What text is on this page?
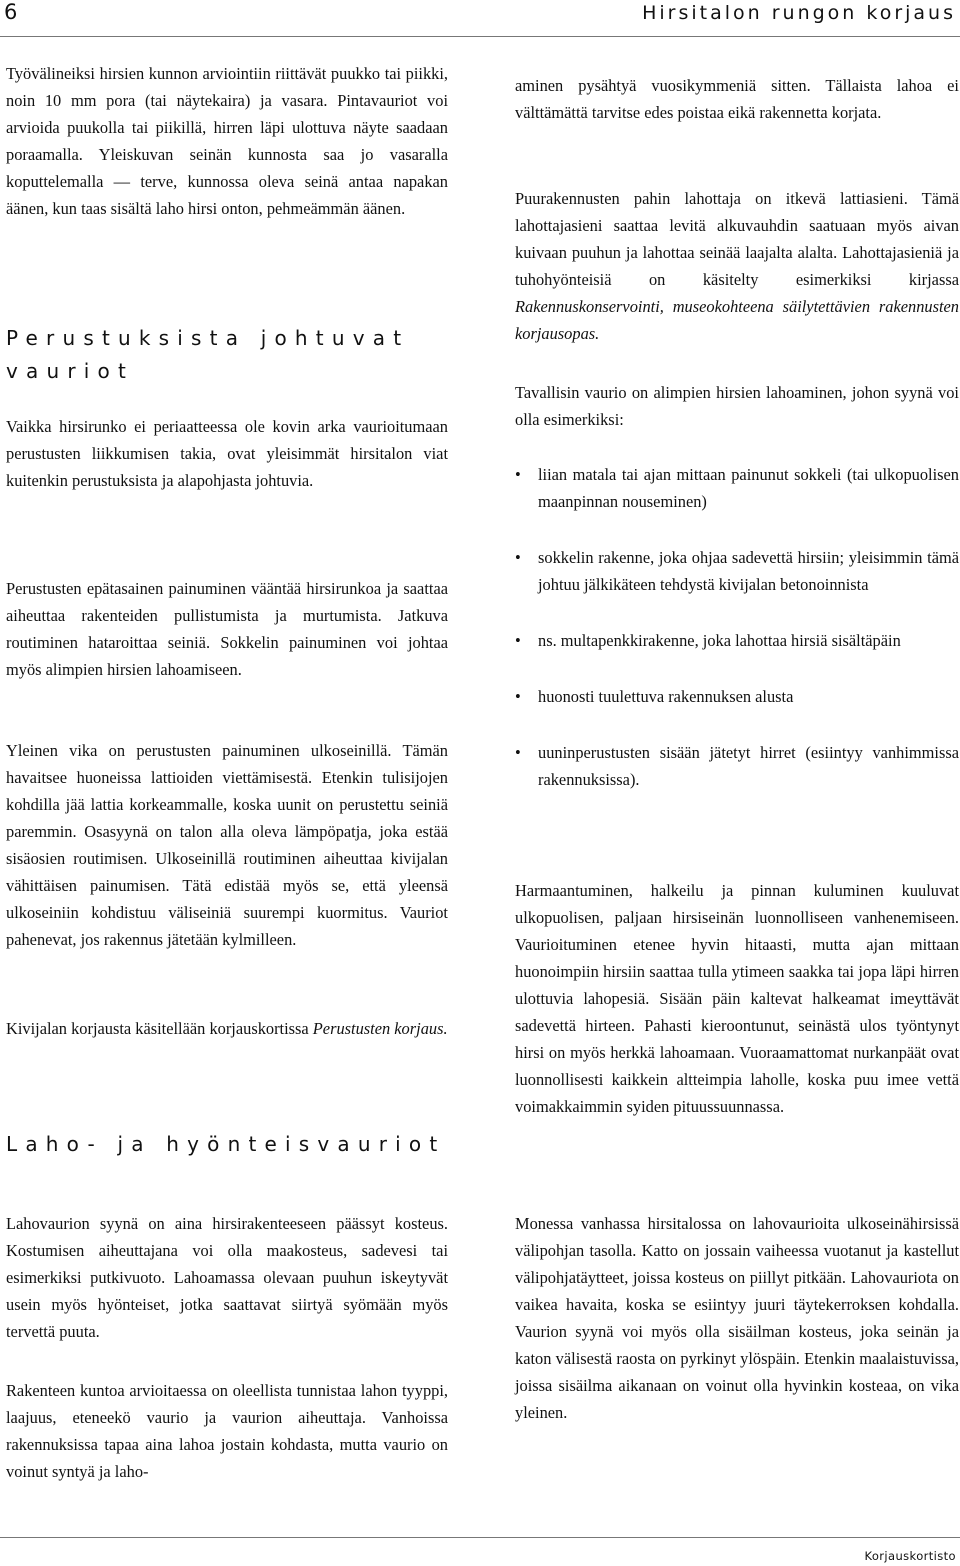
6	Hirsitalon rungon korjaus

Työvälineiksi hirsien kunnon arviointiin riittävät puukko tai piikki, noin 10 mm pora (tai näytekaira) ja vasara. Pintavauriot voi arvioida puukolla tai piikillä, hirren läpi ulottuva näyte saadaan poraamalla. Yleiskuvan seinän kunnosta saa jo vasaralla koputtelemalla — terve, kunnossa oleva seinä antaa napakan äänen, kun taas sisältä laho hirsi onton, pehmeämmän äänen.

Perustuksista johtuvat
vauriot

Vaikka hirsirunko ei periaatteessa ole kovin arka vaurioitumaan perustusten liikkumisen takia, ovat yleisimmät hirsitalon viat kuitenkin perustuksista ja alapohjasta johtuvia.

Perustusten epätasainen painuminen vääntää hirsirunkoa ja saattaa aiheuttaa rakenteiden pullistumista ja murtumista. Jatkuva routiminen hataroittaa seiniä. Sokkelin painuminen voi johtaa myös alimpien hirsien lahoamiseen.

Yleinen vika on perustusten painuminen ulkoseinillä. Tämän havaitsee huoneissa lattioiden viettämisestä. Etenkin tulisijojen kohdilla jää lattia korkeammalle, koska uunit on perustettu seiniä paremmin. Osasyynä on talon alla oleva lämpöpatja, joka estää sisäosien routimisen. Ulkoseinillä routiminen aiheuttaa kivijalan vähittäisen painumisen. Tätä edistää myös se, että yleensä ulkoseiniin kohdistuu väliseiniä suurempi kuormitus. Vauriot pahenevat, jos rakennus jätetään kylmilleen.

Kivijalan korjausta käsitellään korjauskortissa Perustusten korjaus.

Laho- ja hyönteisvauriot

Lahovaurion syynä on aina hirsirakenteeseen päässyt kosteus. Kostumisen aiheuttajana voi olla maakosteus, sadevesi tai esimerkiksi putkivuoto. Lahoamassa olevaan puuhun iskeytyvät usein myös hyönteiset, jotka saattavat siirtyä syömään myös tervettä puuta.

Rakenteen kuntoa arvioitaessa on oleellista tunnistaa lahon tyyppi, laajuus, eteneekö vaurio ja vaurion aiheuttaja. Vanhoissa rakennuksissa tapaa aina lahoa jostain kohdasta, mutta vaurio on voinut syntyä ja laho-

aminen pysähtyä vuosikymmeniä sitten. Tällaista lahoa ei välttämättä tarvitse edes poistaa eikä rakennetta korjata.

Puurakennusten pahin lahottaja on itkevä lattiasieni. Tämä lahottajasieni saattaa levitä alkuvauhdin saatuaan myös aivan kuivaan puuhun ja lahottaa seinää laajalta alalta. Lahottajasieniä ja tuhohyönteisiä on käsitelty esimerkiksi kirjassa Rakennuskonservointi, museokohteena säilytettävien rakennusten korjausopas.

Tavallisin vaurio on alimpien hirsien lahoaminen, johon syynä voi olla esimerkiksi:

• liian matala tai ajan mittaan painunut sokkeli (tai ulkopuolisen maanpinnan nouseminen)
• sokkelin rakenne, joka ohjaa sadevettä hirsiin; yleisimmin tämä johtuu jälkikäteen tehdystä kivijalan betonoinnista
• ns. multapenkkirakenne, joka lahottaa hirsiä sisältäpäin
• huonosti tuulettuva rakennuksen alusta
• uuninperustusten sisään jätetyt hirret (esiintyy vanhimmissa rakennuksissa).

Harmaantuminen, halkeilu ja pinnan kuluminen kuuluvat ulkopuolisen, paljaan hirsiseinän luonnolliseen vanhenemiseen. Vaurioituminen etenee hyvin hitaasti, mutta ajan mittaan huonoimpiin hirsiin saattaa tulla ytimeen saakka tai jopa läpi hirren ulottuvia lahopesiä. Sisään päin kaltevat halkeamat imeyttävät sadevettä hirteen. Pahasti kieroontunut, seinästä ulos työntynyt hirsi on myös herkkä lahoamaan. Vuoraamattomat nurkanpäät ovat luonnollisesti kaikkein altteimpia laholle, koska puu imee vettä voimakkaimmin syiden pituussuunnassa.

Monessa vanhassa hirsitalossa on lahovaurioita ulkoseinähirsissä välipohjan tasolla. Katto on jossain vaiheessa vuotanut ja kastellut välipohjatäytteet, joissa kosteus on piillyt pitkään. Lahovauriota on vaikea havaita, koska se esiintyy juuri täytekerroksen kohdalla. Vaurion syynä voi myös olla sisäilman kosteus, joka seinän ja katon välisestä raosta on pyrkinyt ylöspäin. Etenkin maalaistuvissa, joissa sisäilma aikanaan on voinut olla hyvinkin kosteaa, on vika yleinen.

Korjauskortisto
